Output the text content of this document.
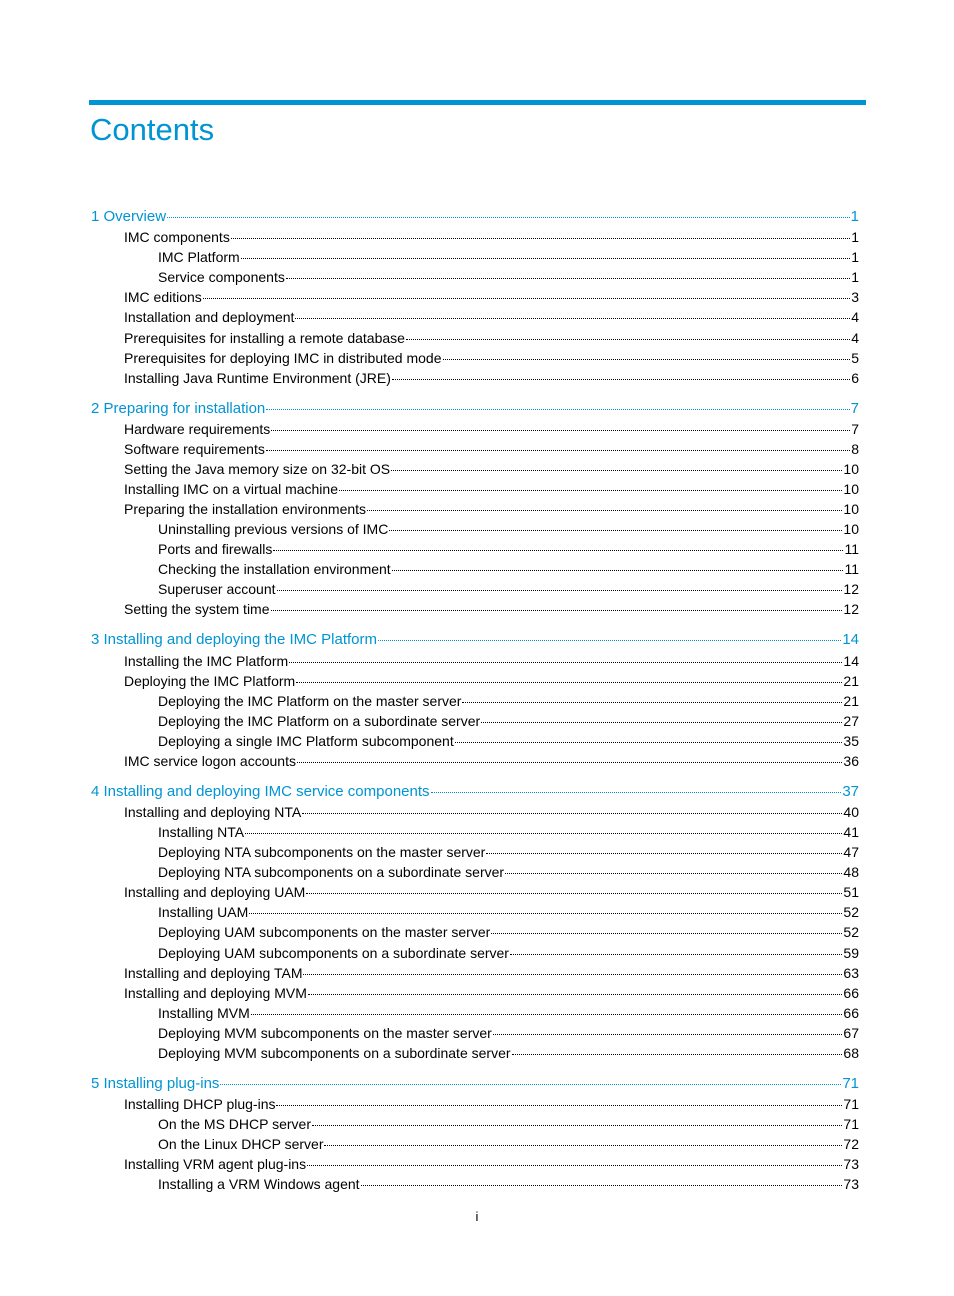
Contents
1 Overview	1
IMC components	1
IMC Platform	1
Service components	1
IMC editions	3
Installation and deployment	4
Prerequisites for installing a remote database	4
Prerequisites for deploying IMC in distributed mode	5
Installing Java Runtime Environment (JRE)	6
2 Preparing for installation	7
Hardware requirements	7
Software requirements	8
Setting the Java memory size on 32-bit OS	10
Installing IMC on a virtual machine	10
Preparing the installation environments	10
Uninstalling previous versions of IMC	10
Ports and firewalls	11
Checking the installation environment	11
Superuser account	12
Setting the system time	12
3 Installing and deploying the IMC Platform	14
Installing the IMC Platform	14
Deploying the IMC Platform	21
Deploying the IMC Platform on the master server	21
Deploying the IMC Platform on a subordinate server	27
Deploying a single IMC Platform subcomponent	35
IMC service logon accounts	36
4 Installing and deploying IMC service components	37
Installing and deploying NTA	40
Installing NTA	41
Deploying NTA subcomponents on the master server	47
Deploying NTA subcomponents on a subordinate server	48
Installing and deploying UAM	51
Installing UAM	52
Deploying UAM subcomponents on the master server	52
Deploying UAM subcomponents on a subordinate server	59
Installing and deploying TAM	63
Installing and deploying MVM	66
Installing MVM	66
Deploying MVM subcomponents on the master server	67
Deploying MVM subcomponents on a subordinate server	68
5 Installing plug-ins	71
Installing DHCP plug-ins	71
On the MS DHCP server	71
On the Linux DHCP server	72
Installing VRM agent plug-ins	73
Installing a VRM Windows agent	73
i
